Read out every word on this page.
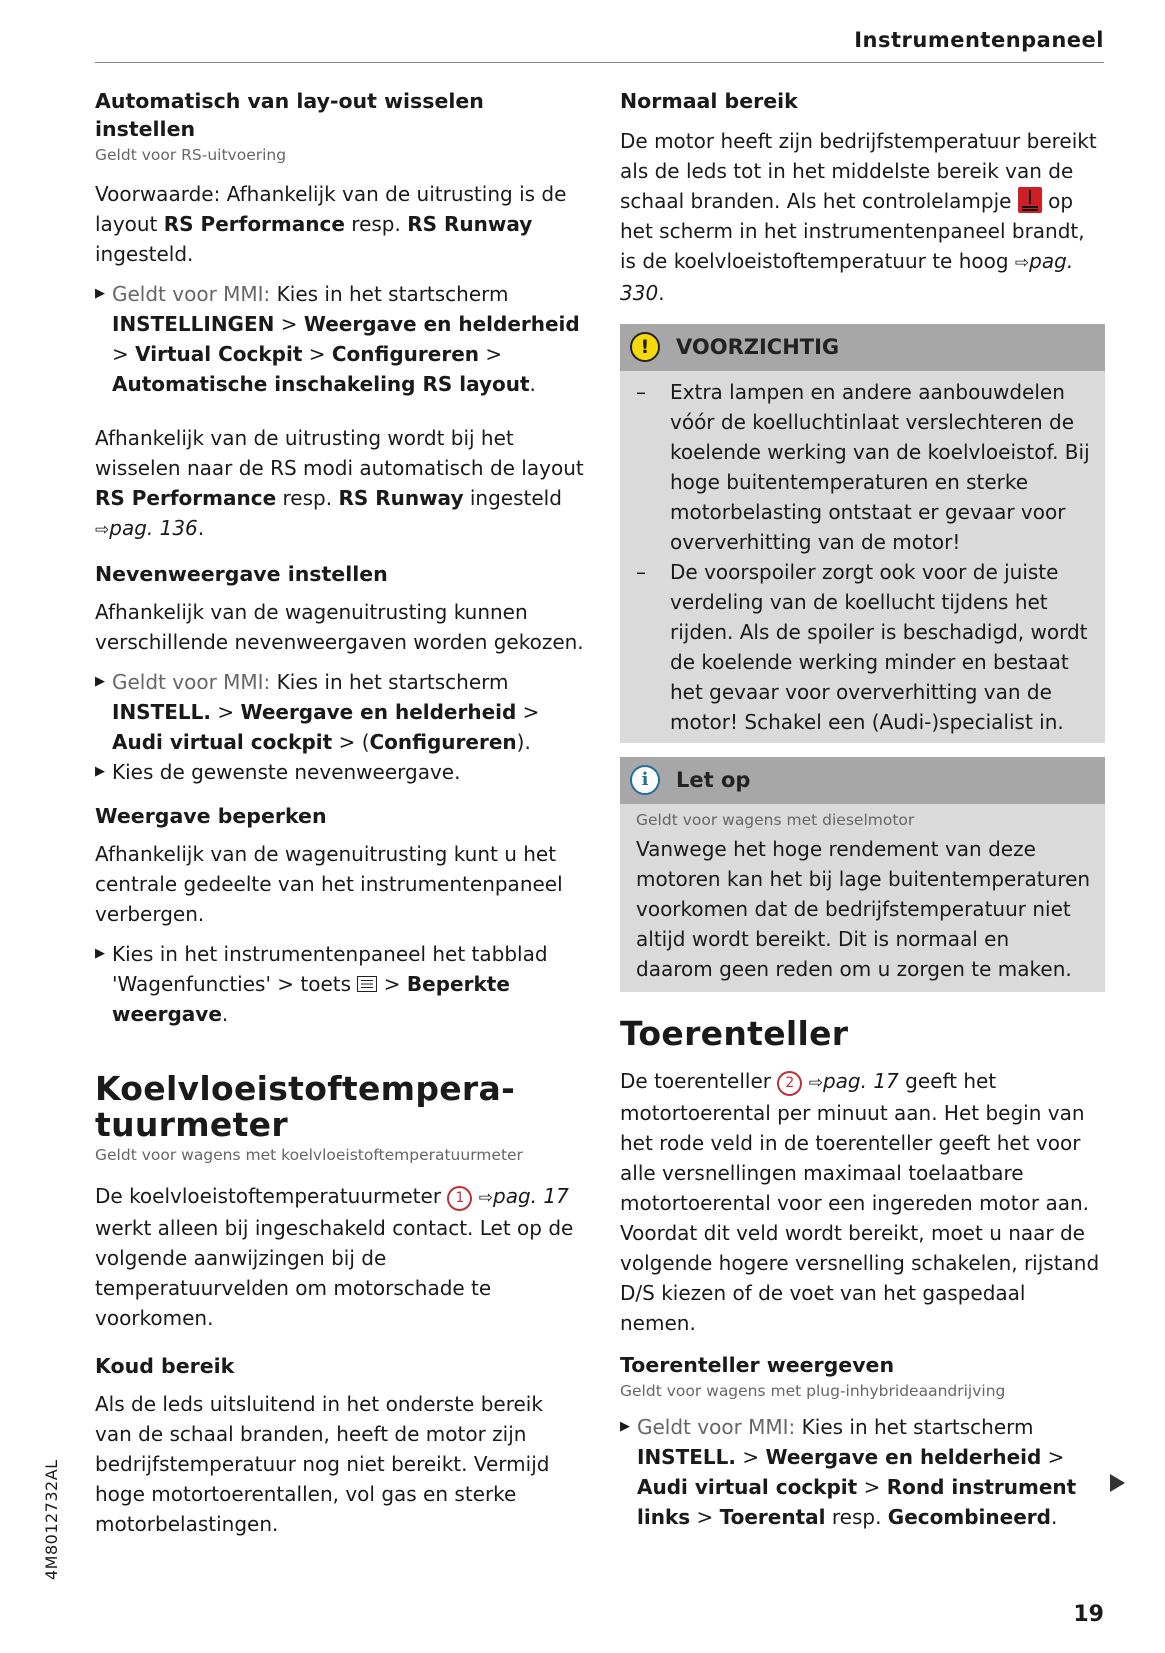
Instrumentenpaneel
Automatisch van lay-out wisselen instellen
Geldt voor RS-uitvoering

Voorwaarde: Afhankelijk van de uitrusting is de layout RS Performance resp. RS Runway ingesteld.

▶ Geldt voor MMI: Kies in het startscherm INSTELLINGEN > Weergave en helderheid > Virtual Cockpit > Configureren > Automatische inschakeling RS layout.

Afhankelijk van de uitrusting wordt bij het wisselen naar de RS modi automatisch de layout RS Performance resp. RS Runway ingesteld ⇨pag. 136.

Nevenweergave instellen

Afhankelijk van de wagenuitrusting kunnen verschillende nevenweergaven worden gekozen.

▶ Geldt voor MMI: Kies in het startscherm INSTELL. > Weergave en helderheid > Audi virtual cockpit > (Configureren).
▶ Kies de gewenste nevenweergave.
Weergave beperken

Afhankelijk van de wagenuitrusting kunt u het centrale gedeelte van het instrumentenpaneel verbergen.

▶ Kies in het instrumentenpaneel het tabblad 'Wagenfuncties' > toets  > Beperkte weergave.
Koelvloeistoftempera-
tuurmeter
Geldt voor wagens met koelvloeistoftemperatuurmeter

De koelvloeistoftemperatuurmeter 1 ⇨pag. 17 werkt alleen bij ingeschakeld contact. Let op de volgende aanwijzingen bij de temperatuurvelden om motorschade te voorkomen.

Koud bereik

Als de leds uitsluitend in het onderste bereik van de schaal branden, heeft de motor zijn bedrijfstemperatuur nog niet bereikt. Vermijd hoge motortoerentallen, vol gas en sterke motorbelastingen.

Normaal bereik

De motor heeft zijn bedrijfstemperatuur bereikt als de leds tot in het middelste bereik van de schaal branden. Als het controlelampje  op het scherm in het instrumentenpaneel brandt, is de koelvloeistoftemperatuur te hoog ⇨pag. 330.

!	VOORZICHTIG
– Extra lampen en andere aanbouwdelen vóór de koelluchtinlaat verslechteren de koelende werking van de koelvloeistof. Bij hoge buitentemperaturen en sterke motorbelasting ontstaat er gevaar voor oververhitting van de motor!
– De voorspoiler zorgt ook voor de juiste verdeling van de koellucht tijdens het rijden. Als de spoiler is beschadigd, wordt de koelende werking minder en bestaat het gevaar voor oververhitting van de motor! Schakel een (Audi-)specialist in.
i	Let op
Geldt voor wagens met dieselmotor

Vanwege het hoge rendement van deze motoren kan het bij lage buitentemperaturen voorkomen dat de bedrijfstemperatuur niet altijd wordt bereikt. Dit is normaal en daarom geen reden om u zorgen te maken.

Toerenteller

De toerenteller 2 ⇨pag. 17 geeft het motortoerental per minuut aan. Het begin van het rode veld in de toerenteller geeft het voor alle versnellingen maximaal toelaatbare motortoerental voor een ingereden motor aan. Voordat dit veld wordt bereikt, moet u naar de volgende hogere versnelling schakelen, rijstand D/S kiezen of de voet van het gaspedaal nemen.

Toerenteller weergeven
Geldt voor wagens met plug-inhybrideaandrijving
▶ Geldt voor MMI: Kies in het startscherm INSTELL. > Weergave en helderheid > Audi virtual cockpit > Rond instrument links > Toerental resp. Gecombineerd.
4M8012732AL
19
